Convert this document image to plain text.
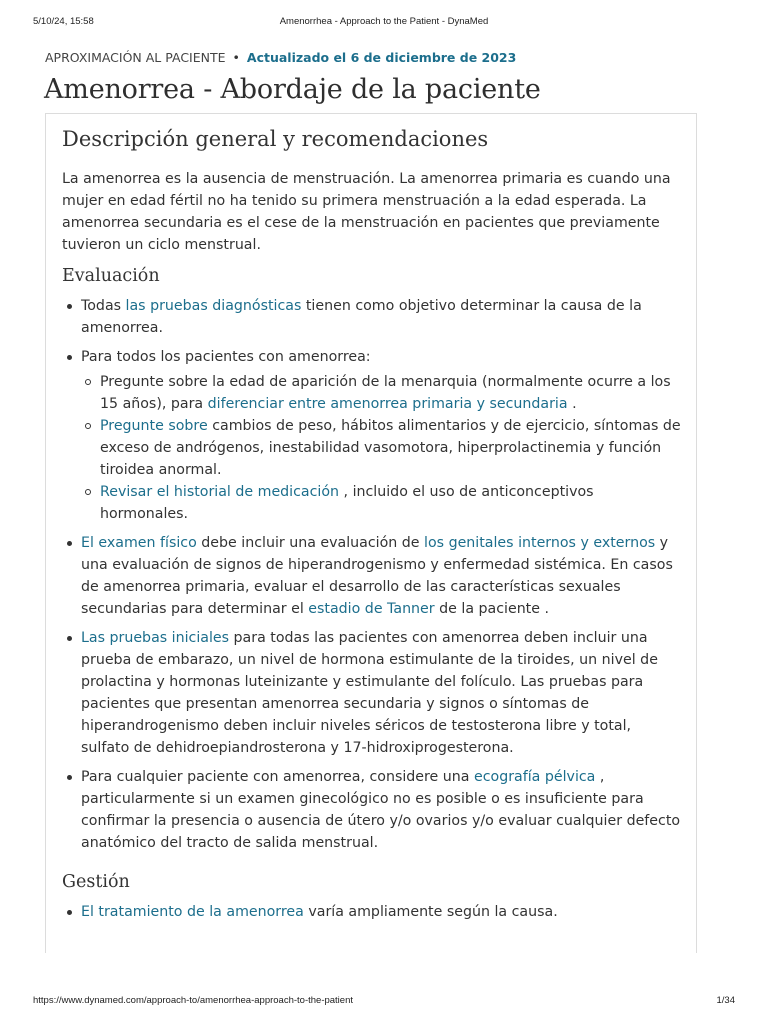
5/10/24, 15:58	Amenorrhea - Approach to the Patient - DynaMed
APROXIMACIÓN AL PACIENTE • Actualizado el 6 de diciembre de 2023
Amenorrea - Abordaje de la paciente
Descripción general y recomendaciones

La amenorrea es la ausencia de menstruación. La amenorrea primaria es cuando una mujer en edad fértil no ha tenido su primera menstruación a la edad esperada. La amenorrea secundaria es el cese de la menstruación en pacientes que previamente tuvieron un ciclo menstrual.

Evaluación
Todas las pruebas diagnósticas tienen como objetivo determinar la causa de la amenorrea.
Para todos los pacientes con amenorrea:
Pregunte sobre la edad de aparición de la menarquia (normalmente ocurre a los 15 años), para diferenciar entre amenorrea primaria y secundaria .
Pregunte sobre cambios de peso, hábitos alimentarios y de ejercicio, síntomas de exceso de andrógenos, inestabilidad vasomotora, hiperprolactinemia y función tiroidea anormal.
Revisar el historial de medicación , incluido el uso de anticonceptivos hormonales.
El examen físico debe incluir una evaluación de los genitales internos y externos y una evaluación de signos de hiperandrogenismo y enfermedad sistémica. En casos de amenorrea primaria, evaluar el desarrollo de las características sexuales secundarias para determinar el estadio de Tanner de la paciente .
Las pruebas iniciales para todas las pacientes con amenorrea deben incluir una prueba de embarazo, un nivel de hormona estimulante de la tiroides, un nivel de prolactina y hormonas luteinizante y estimulante del folículo. Las pruebas para pacientes que presentan amenorrea secundaria y signos o síntomas de hiperandrogenismo deben incluir niveles séricos de testosterona libre y total, sulfato de dehidroepiandrosterona y 17-hidroxiprogesterona.
Para cualquier paciente con amenorrea, considere una ecografía pélvica , particularmente si un examen ginecológico no es posible o es insuficiente para confirmar la presencia o ausencia de útero y/o ovarios y/o evaluar cualquier defecto anatómico del tracto de salida menstrual.
Gestión
El tratamiento de la amenorrea varía ampliamente según la causa.
https://www.dynamed.com/approach-to/amenorrhea-approach-to-the-patient	1/34
